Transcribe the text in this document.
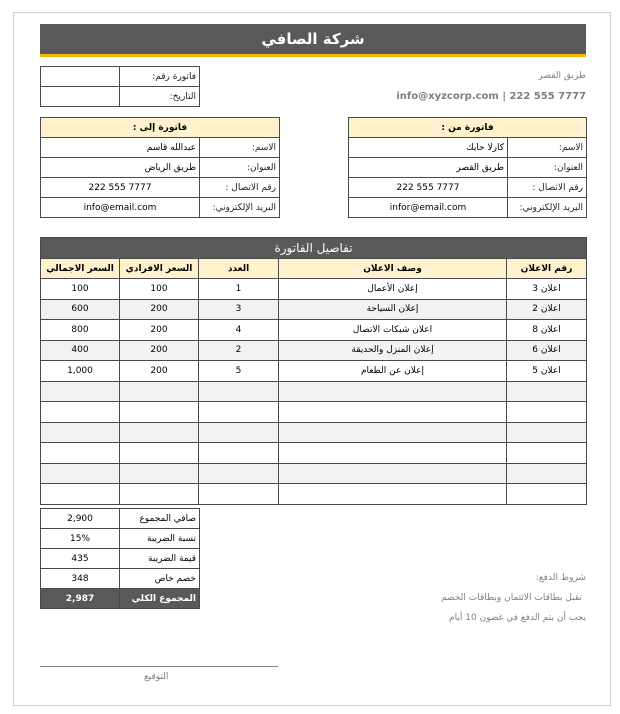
شركة الصافي
	فاتورة رقم:
	التاريخ:
طريق القصر
info@xyzcorp.com | 222 555 7777
فاتورة إلى :	
عبدالله قاسم	الاسم:
طريق الرياض	العنوان:
222 555 7777	رقم الاتصال :
info@email.com	البريد الإلكتروني:
فاتورة من :	
كارلا حايك	الاسم:
طريق القصر	العنوان:
222 555 7777	رقم الاتصال :
infor@email.com	البريد الإلكتروني:
تفاصيل الفاتورة				
السعر الاجمالي	السعر الافرادي	العدد	وصف الاعلان	رقم الاعلان
100	100	1	إعلان الأعمال	اعلان 3
600	200	3	إعلان السياحة	اعلان 2
800	200	4	اعلان شبكات الاتصال	اعلان 8
400	200	2	إعلان المنزل والحديقة	اعلان 6
1,000	200	5	إعلان عن الطعام	اعلان 5

2,900	صافي المجموع
15%	نسبة الضريبة
435	قيمة الضريبة
348	خصم خاص
2,987	المجموع الكلي
شروط الدفع:
تقبل بطاقات الائتمان وبطاقات الخصم
يجب أن يتم الدفع في غضون 10 أيام
التوقيع
